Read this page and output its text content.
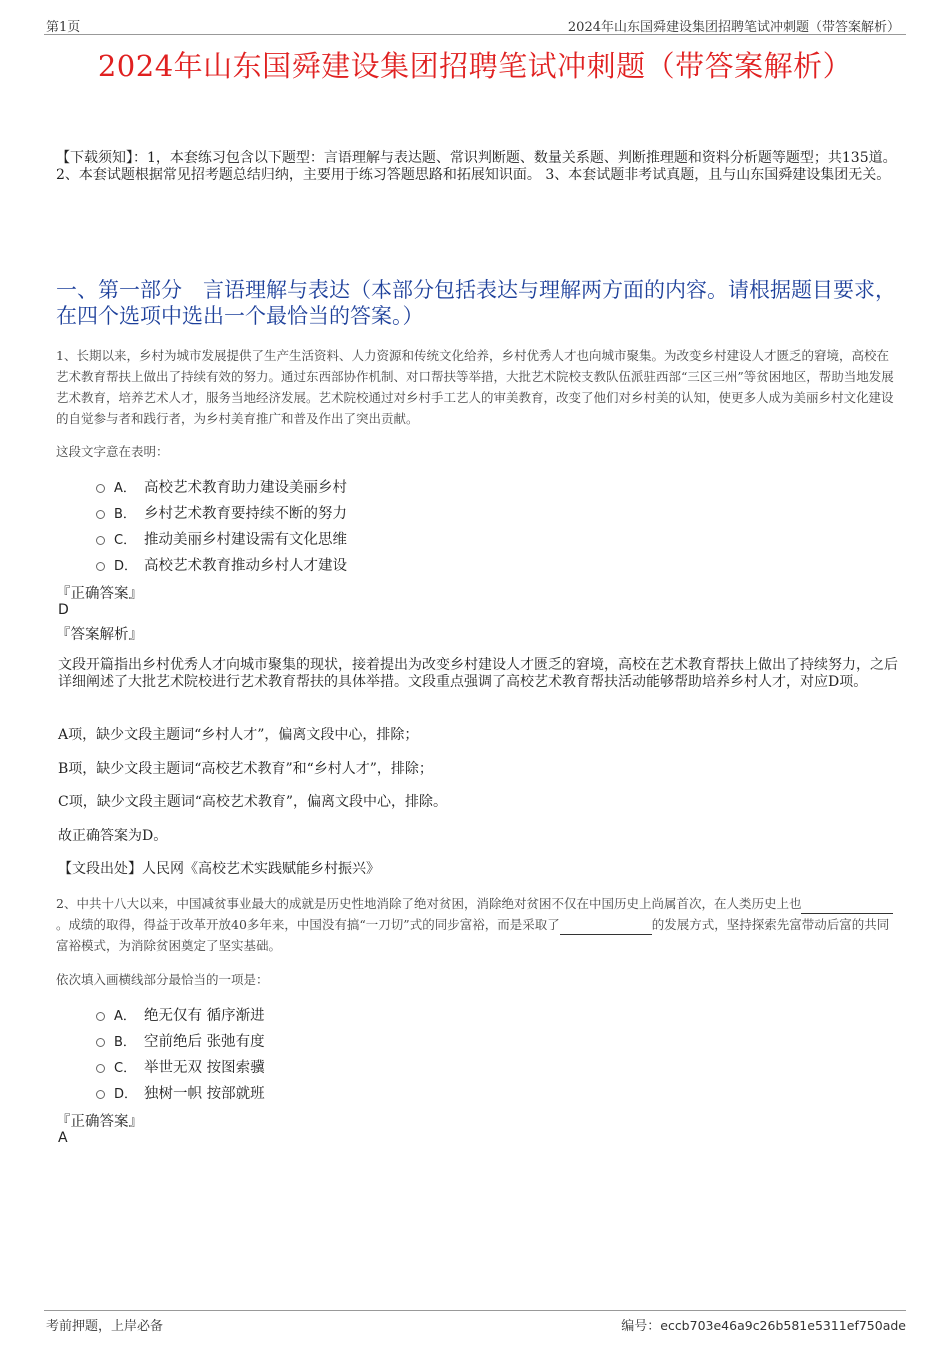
第1页	2024年山东国舜建设集团招聘笔试冲刺题（带答案解析）
2024年山东国舜建设集团招聘笔试冲刺题（带答案解析）
【下载须知】：1，本套练习包含以下题型：言语理解与表达题、常识判断题、数量关系题、判断推理题和资料分析题等题型；共135道。 2、本套试题根据常见招考题总结归纳，主要用于练习答题思路和拓展知识面。 3、本套试题非考试真题，且与山东国舜建设集团无关。
一、第一部分　言语理解与表达（本部分包括表达与理解两方面的内容。请根据题目要求，在四个选项中选出一个最恰当的答案。）
1、长期以来，乡村为城市发展提供了生产生活资料、人力资源和传统文化给养，乡村优秀人才也向城市聚集。为改变乡村建设人才匮乏的窘境，高校在艺术教育帮扶上做出了持续有效的努力。通过东西部协作机制、对口帮扶等举措，大批艺术院校支教队伍派驻西部“三区三州”等贫困地区，帮助当地发展艺术教育，培养艺术人才，服务当地经济发展。艺术院校通过对乡村手工艺人的审美教育，改变了他们对乡村美的认知，使更多人成为美丽乡村文化建设的自觉参与者和践行者，为乡村美育推广和普及作出了突出贡献。
这段文字意在表明：
A． 高校艺术教育助力建设美丽乡村
B． 乡村艺术教育要持续不断的努力
C． 推动美丽乡村建设需有文化思维
D． 高校艺术教育推动乡村人才建设
『正确答案』
D
『答案解析』
文段开篇指出乡村优秀人才向城市聚集的现状，接着提出为改变乡村建设人才匮乏的窘境，高校在艺术教育帮扶上做出了持续努力，之后详细阐述了大批艺术院校进行艺术教育帮扶的具体举措。文段重点强调了高校艺术教育帮扶活动能够帮助培养乡村人才，对应D项。
A项，缺少文段主题词“乡村人才”，偏离文段中心，排除；
B项，缺少文段主题词“高校艺术教育”和“乡村人才”，排除；
C项，缺少文段主题词“高校艺术教育”，偏离文段中心，排除。
故正确答案为D。
【文段出处】人民网《高校艺术实践赋能乡村振兴》
2、中共十八大以来，中国减贫事业最大的成就是历史性地消除了绝对贫困，消除绝对贫困不仅在中国历史上尚属首次，在人类历史上也。成绩的取得，得益于改革开放40多年来，中国没有搞“一刀切”式的同步富裕，而是采取了	的发展方式，坚持探索先富带动后富的共同富裕模式，为消除贫困奠定了坚实基础。
依次填入画横线部分最恰当的一项是：
A． 绝无仅有 循序渐进
B． 空前绝后 张弛有度
C． 举世无双 按图索骥
D． 独树一帜 按部就班
『正确答案』
A
考前押题，上岸必备	编号：eccb703e46a9c26b581e5311ef750ade
